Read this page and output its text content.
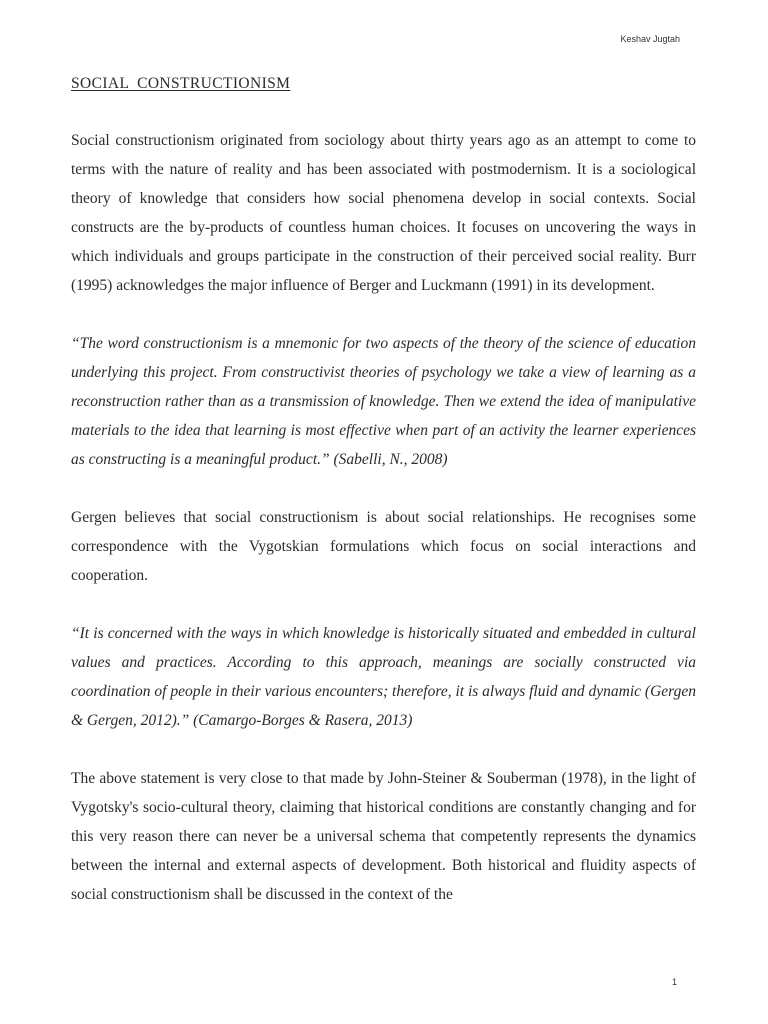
Keshav Jugtah
SOCIAL CONSTRUCTIONISM

Social constructionism originated from sociology about thirty years ago as an attempt to come to terms with the nature of reality and has been associated with postmodernism. It is a sociological theory of knowledge that considers how social phenomena develop in social contexts. Social constructs are the by-products of countless human choices. It focuses on uncovering the ways in which individuals and groups participate in the construction of their perceived social reality. Burr (1995) acknowledges the major influence of Berger and Luckmann (1991) in its development.

“The word constructionism is a mnemonic for two aspects of the theory of the science of education underlying this project. From constructivist theories of psychology we take a view of learning as a reconstruction rather than as a transmission of knowledge. Then we extend the idea of manipulative materials to the idea that learning is most effective when part of an activity the learner experiences as constructing is a meaningful product.” (Sabelli, N., 2008)

Gergen believes that social constructionism is about social relationships. He recognises some correspondence with the Vygotskian formulations which focus on social interactions and cooperation.

“It is concerned with the ways in which knowledge is historically situated and embedded in cultural values and practices. According to this approach, meanings are socially constructed via coordination of people in their various encounters; therefore, it is always fluid and dynamic (Gergen & Gergen, 2012).” (Camargo-Borges & Rasera, 2013)

The above statement is very close to that made by John-Steiner & Souberman (1978), in the light of Vygotsky's socio-cultural theory, claiming that historical conditions are constantly changing and for this very reason there can never be a universal schema that competently represents the dynamics between the internal and external aspects of development. Both historical and fluidity aspects of social constructionism shall be discussed in the context of the

1
